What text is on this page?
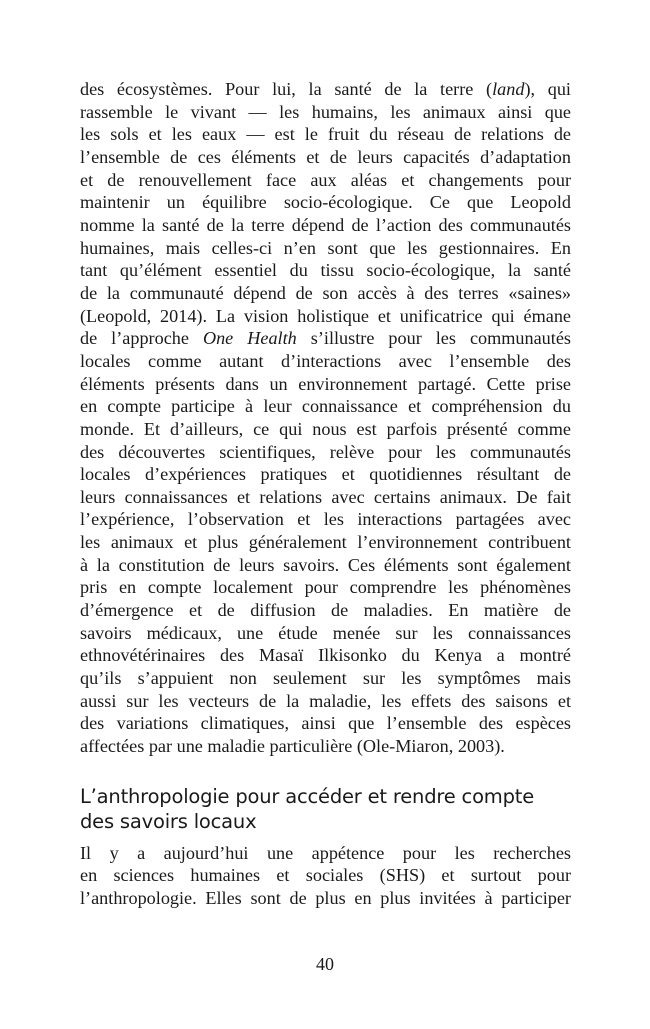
des écosystèmes. Pour lui, la santé de la terre (land), qui
rassemble le vivant — les humains, les animaux ainsi que
les sols et les eaux — est le fruit du réseau de relations de
l’ensemble de ces éléments et de leurs capacités d’adaptation
et de renouvellement face aux aléas et changements pour
maintenir un équilibre socio-écologique. Ce que Leopold
nomme la santé de la terre dépend de l’action des communautés
humaines, mais celles-ci n’en sont que les gestionnaires. En
tant qu’élément essentiel du tissu socio-écologique, la santé
de la communauté dépend de son accès à des terres «saines»
(Leopold, 2014). La vision holistique et unificatrice qui émane
de l’approche One Health s’illustre pour les communautés
locales comme autant d’interactions avec l’ensemble des
éléments présents dans un environnement partagé. Cette prise
en compte participe à leur connaissance et compréhension du
monde. Et d’ailleurs, ce qui nous est parfois présenté comme
des découvertes scientifiques, relève pour les communautés
locales d’expériences pratiques et quotidiennes résultant de
leurs connaissances et relations avec certains animaux. De fait
l’expérience, l’observation et les interactions partagées avec
les animaux et plus généralement l’environnement contribuent
à la constitution de leurs savoirs. Ces éléments sont également
pris en compte localement pour comprendre les phénomènes
d’émergence et de diffusion de maladies. En matière de
savoirs médicaux, une étude menée sur les connaissances
ethnovétérinaires des Masaï Ilkisonko du Kenya a montré
qu’ils s’appuient non seulement sur les symptômes mais
aussi sur les vecteurs de la maladie, les effets des saisons et
des variations climatiques, ainsi que l’ensemble des espèces
affectées par une maladie particulière (Ole-Miaron, 2003).

L’anthropologie pour accéder et rendre compte
des savoirs locaux

Il y a aujourd’hui une appétence pour les recherches
en sciences humaines et sociales (SHS) et surtout pour
l’anthropologie. Elles sont de plus en plus invitées à participer

40
